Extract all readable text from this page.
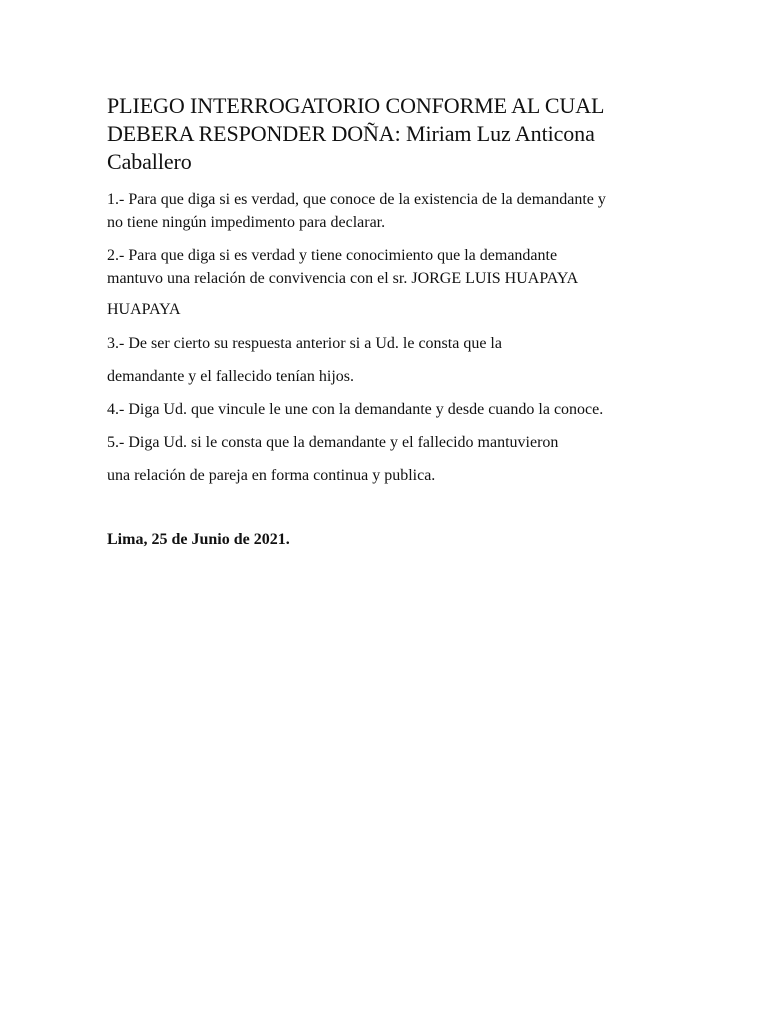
PLIEGO INTERROGATORIO CONFORME AL CUAL
DEBERA RESPONDER DOÑA: Miriam Luz Anticona
Caballero
1.- Para que diga si es verdad, que conoce de la existencia de la demandante y
no tiene ningún impedimento para declarar.
2.- Para que diga si es verdad y tiene conocimiento que la demandante
mantuvo una relación de convivencia con el sr. JORGE LUIS HUAPAYA
HUAPAYA
3.- De ser cierto su respuesta anterior si a Ud. le consta que la
demandante y el fallecido tenían hijos.
4.- Diga Ud. que vincule le une con la demandante y desde cuando la conoce.
5.- Diga Ud. si le consta que la demandante y el fallecido mantuvieron
una relación de pareja en forma continua y publica.
Lima, 25 de Junio de 2021.
